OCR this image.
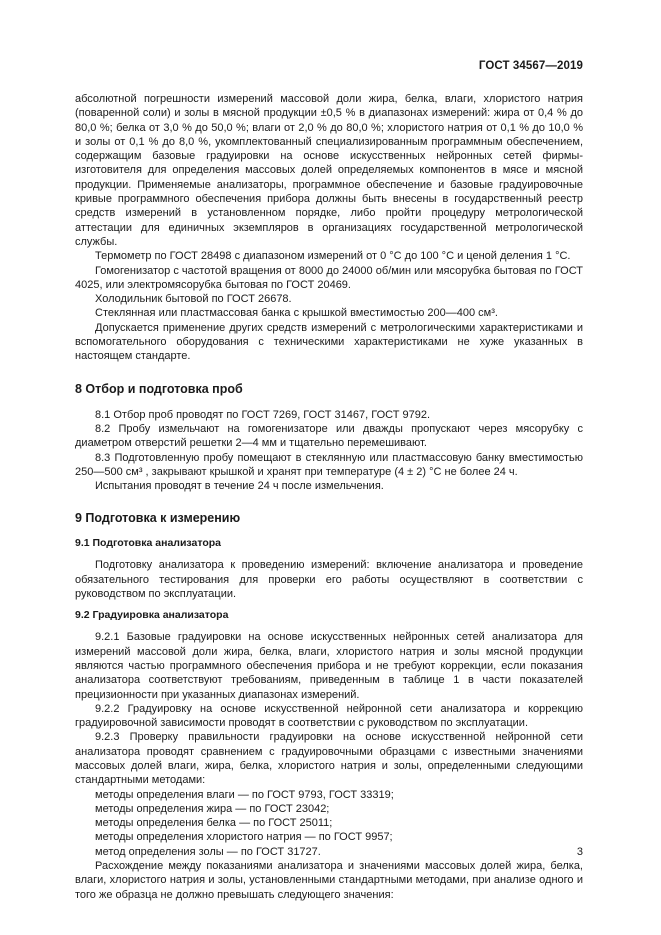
ГОСТ 34567—2019

абсолютной погрешности измерений массовой доли жира, белка, влаги, хлористого натрия (поваренной соли) и золы в мясной продукции ±0,5 % в диапазонах измерений: жира от 0,4 % до 80,0 %; белка от 3,0 % до 50,0 %; влаги от 2,0 % до 80,0 %; хлористого натрия от 0,1 % до 10,0 % и золы от 0,1 % до 8,0 %, укомплектованный специализированным программным обеспечением, содержащим базовые градуировки на основе искусственных нейронных сетей фирмы-изготовителя для определения массовых долей определяемых компонентов в мясе и мясной продукции. Применяемые анализаторы, программное обеспечение и базовые градуировочные кривые программного обеспечения прибора должны быть внесены в государственный реестр средств измерений в установленном порядке, либо пройти процедуру метрологической аттестации для единичных экземпляров в организациях государственной метрологической службы.

Термометр по ГОСТ 28498 с диапазоном измерений от 0 °С до 100 °С и ценой деления 1 °С.

Гомогенизатор с частотой вращения от 8000 до 24000 об/мин или мясорубка бытовая по ГОСТ 4025, или электромясорубка бытовая по ГОСТ 20469.

Холодильник бытовой по ГОСТ 26678.

Стеклянная или пластмассовая банка с крышкой вместимостью 200—400 см³.

Допускается применение других средств измерений с метрологическими характеристиками и вспомогательного оборудования с техническими характеристиками не хуже указанных в настоящем стандарте.

8 Отбор и подготовка проб

8.1 Отбор проб проводят по ГОСТ 7269, ГОСТ 31467, ГОСТ 9792.

8.2 Пробу измельчают на гомогенизаторе или дважды пропускают через мясорубку с диаметром отверстий решетки 2—4 мм и тщательно перемешивают.

8.3 Подготовленную пробу помещают в стеклянную или пластмассовую банку вместимостью 250—500 см³ , закрывают крышкой и хранят при температуре (4 ± 2) °С не более 24 ч.

Испытания проводят в течение 24 ч после измельчения.

9 Подготовка к измерению
9.1 Подготовка анализатора

Подготовку анализатора к проведению измерений: включение анализатора и проведение обязательного тестирования для проверки его работы осуществляют в соответствии с руководством по эксплуатации.

9.2 Градуировка анализатора

9.2.1 Базовые градуировки на основе искусственных нейронных сетей анализатора для измерений массовой доли жира, белка, влаги, хлористого натрия и золы мясной продукции являются частью программного обеспечения прибора и не требуют коррекции, если показания анализатора соответствуют требованиям, приведенным в таблице 1 в части показателей прецизионности при указанных диапазонах измерений.

9.2.2 Градуировку на основе искусственной нейронной сети анализатора и коррекцию градуировочной зависимости проводят в соответствии с руководством по эксплуатации.

9.2.3 Проверку правильности градуировки на основе искусственной нейронной сети анализатора проводят сравнением с градуировочными образцами с известными значениями массовых долей влаги, жира, белка, хлористого натрия и золы, определенными следующими стандартными методами:

методы определения влаги — по ГОСТ 9793, ГОСТ 33319;

методы определения жира — по ГОСТ 23042;

методы определения белка — по ГОСТ 25011;

методы определения хлористого натрия — по ГОСТ 9957;

метод определения золы — по ГОСТ 31727.

Расхождение между показаниями анализатора и значениями массовых долей жира, белка, влаги, хлористого натрия и золы, установленными стандартными методами, при анализе одного и того же образца не должно превышать следующего значения:

3
